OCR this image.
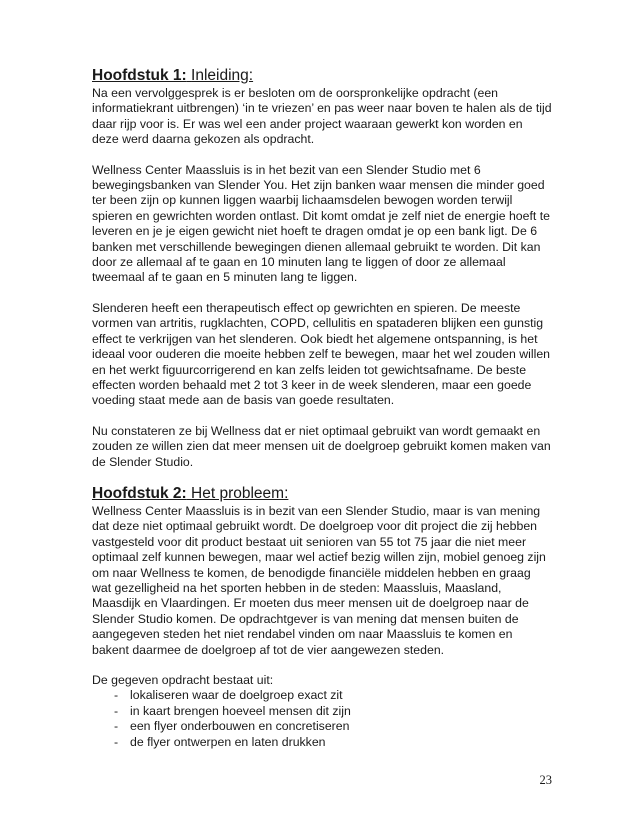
Hoofdstuk 1: Inleiding:

Na een vervolggesprek is er besloten om de oorspronkelijke opdracht (een informatiekrant uitbrengen) ‘in te vriezen’ en pas weer naar boven te halen als de tijd daar rijp voor is. Er was wel een ander project waaraan gewerkt kon worden en deze werd daarna gekozen als opdracht.

Wellness Center Maassluis is in het bezit van een Slender Studio met 6 bewegingsbanken van Slender You. Het zijn banken waar mensen die minder goed ter been zijn op kunnen liggen waarbij lichaamsdelen bewogen worden terwijl spieren en gewrichten worden ontlast. Dit komt omdat je zelf niet de energie hoeft te leveren en je je eigen gewicht niet hoeft te dragen omdat je op een bank ligt. De 6 banken met verschillende bewegingen dienen allemaal gebruikt te worden. Dit kan door ze allemaal af te gaan en 10 minuten lang te liggen of door ze allemaal tweemaal af te gaan en 5 minuten lang te liggen.

Slenderen heeft een therapeutisch effect op gewrichten en spieren. De meeste vormen van artritis, rugklachten, COPD, cellulitis en spataderen blijken een gunstig effect te verkrijgen van het slenderen. Ook biedt het algemene ontspanning, is het ideaal voor ouderen die moeite hebben zelf te bewegen, maar het wel zouden willen en het werkt figuurcorrigerend en kan zelfs leiden tot gewichtsafname. De beste effecten worden behaald met 2 tot 3 keer in de week slenderen, maar een goede voeding staat mede aan de basis van goede resultaten.

Nu constateren ze bij Wellness dat er niet optimaal gebruikt van wordt gemaakt en zouden ze willen zien dat meer mensen uit de doelgroep gebruikt komen maken van de Slender Studio.

Hoofdstuk 2: Het probleem:

Wellness Center Maassluis is in bezit van een Slender Studio, maar is van mening dat deze niet optimaal gebruikt wordt. De doelgroep voor dit project die zij hebben vastgesteld voor dit product bestaat uit senioren van 55 tot 75 jaar die niet meer optimaal zelf kunnen bewegen, maar wel actief bezig willen zijn, mobiel genoeg zijn om naar Wellness te komen, de benodigde financiële middelen hebben en graag wat gezelligheid na het sporten hebben in de steden: Maassluis, Maasland, Maasdijk en Vlaardingen. Er moeten dus meer mensen uit de doelgroep naar de Slender Studio komen. De opdrachtgever is van mening dat mensen buiten de aangegeven steden het niet rendabel vinden om naar Maassluis te komen en bakent daarmee de doelgroep af tot de vier aangewezen steden.

De gegeven opdracht bestaat uit:
- lokaliseren waar de doelgroep exact zit
- in kaart brengen hoeveel mensen dit zijn
- een flyer onderbouwen en concretiseren
- de flyer ontwerpen en laten drukken
23
